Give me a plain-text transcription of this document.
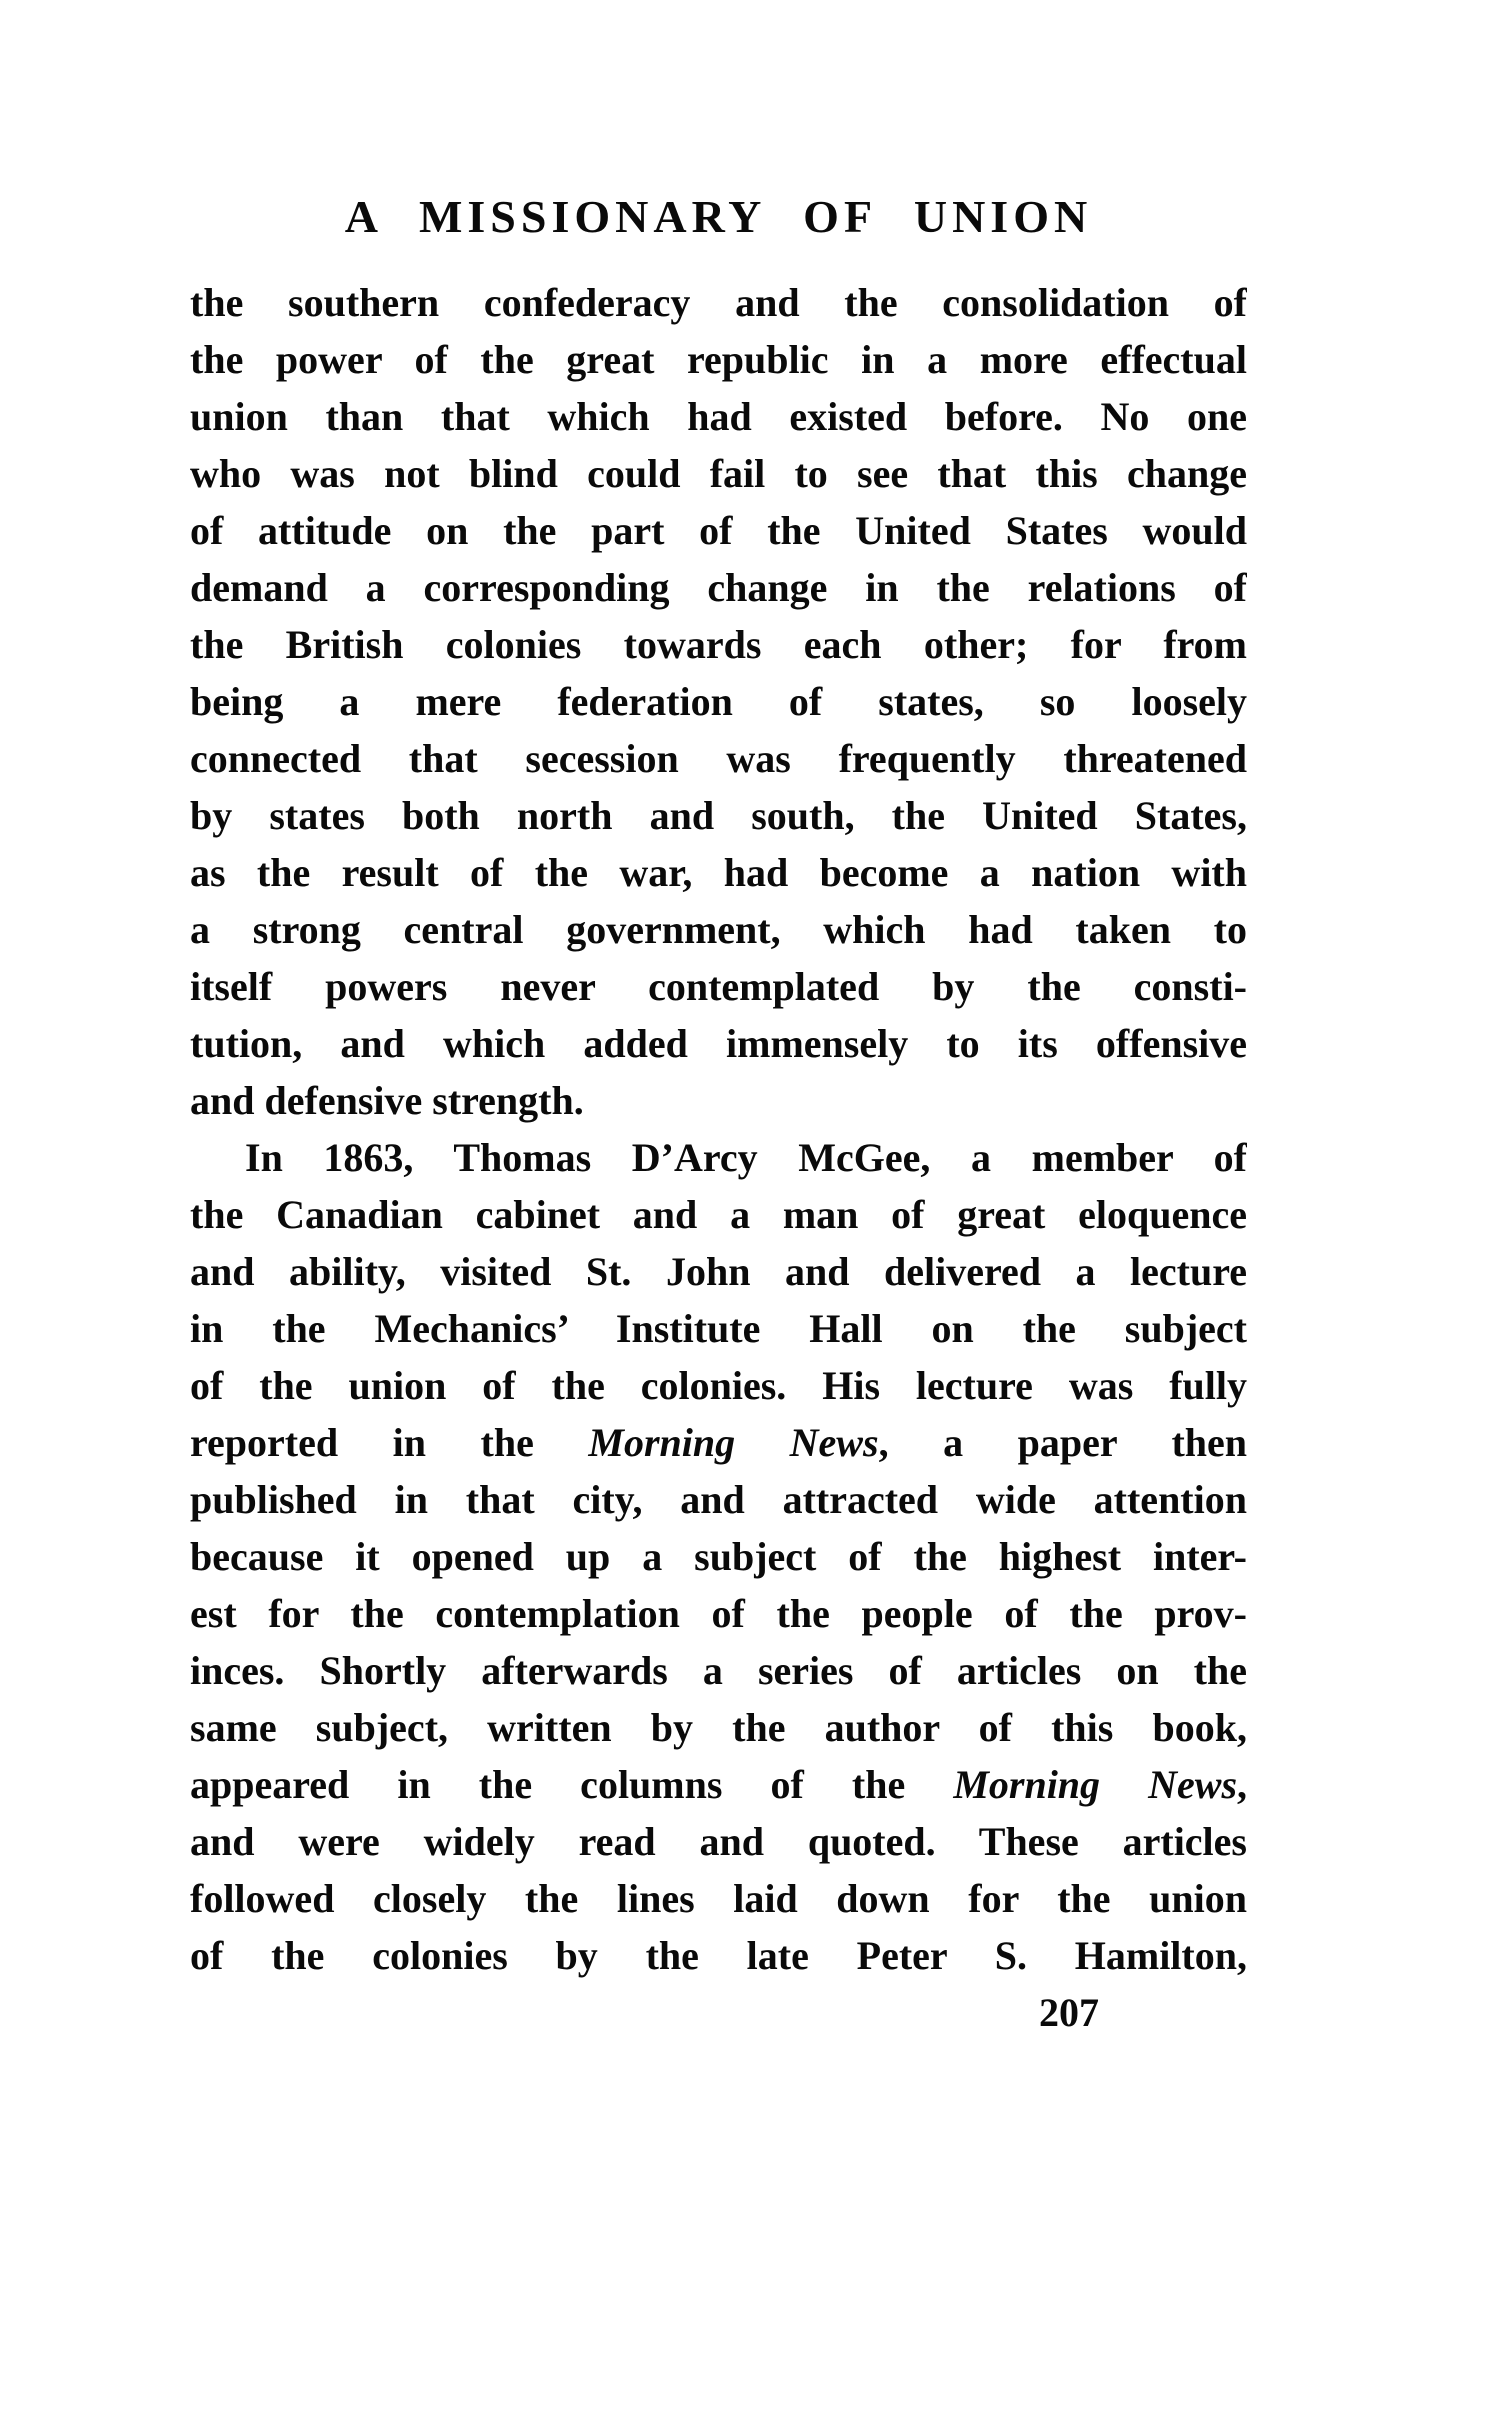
A MISSIONARY OF UNION
the southern confederacy and the consolidation of
the power of the great republic in a more effectual
union than that which had existed before. No one
who was not blind could fail to see that this change
of attitude on the part of the United States would
demand a corresponding change in the relations of
the British colonies towards each other; for from
being a mere federation of states, so loosely
connected that secession was frequently threatened
by states both north and south, the United States,
as the result of the war, had become a nation with
a strong central government, which had taken to
itself powers never contemplated by the consti-
tution, and which added immensely to its offensive
and defensive strength.
In 1863, Thomas D’Arcy McGee, a member of
the Canadian cabinet and a man of great eloquence
and ability, visited St. John and delivered a lecture
in the Mechanics’ Institute Hall on the subject
of the union of the colonies. His lecture was fully
reported in the Morning News, a paper then
published in that city, and attracted wide attention
because it opened up a subject of the highest inter-
est for the contemplation of the people of the prov-
inces. Shortly afterwards a series of articles on the
same subject, written by the author of this book,
appeared in the columns of the Morning News,
and were widely read and quoted. These articles
followed closely the lines laid down for the union
of the colonies by the late Peter S. Hamilton,
207
